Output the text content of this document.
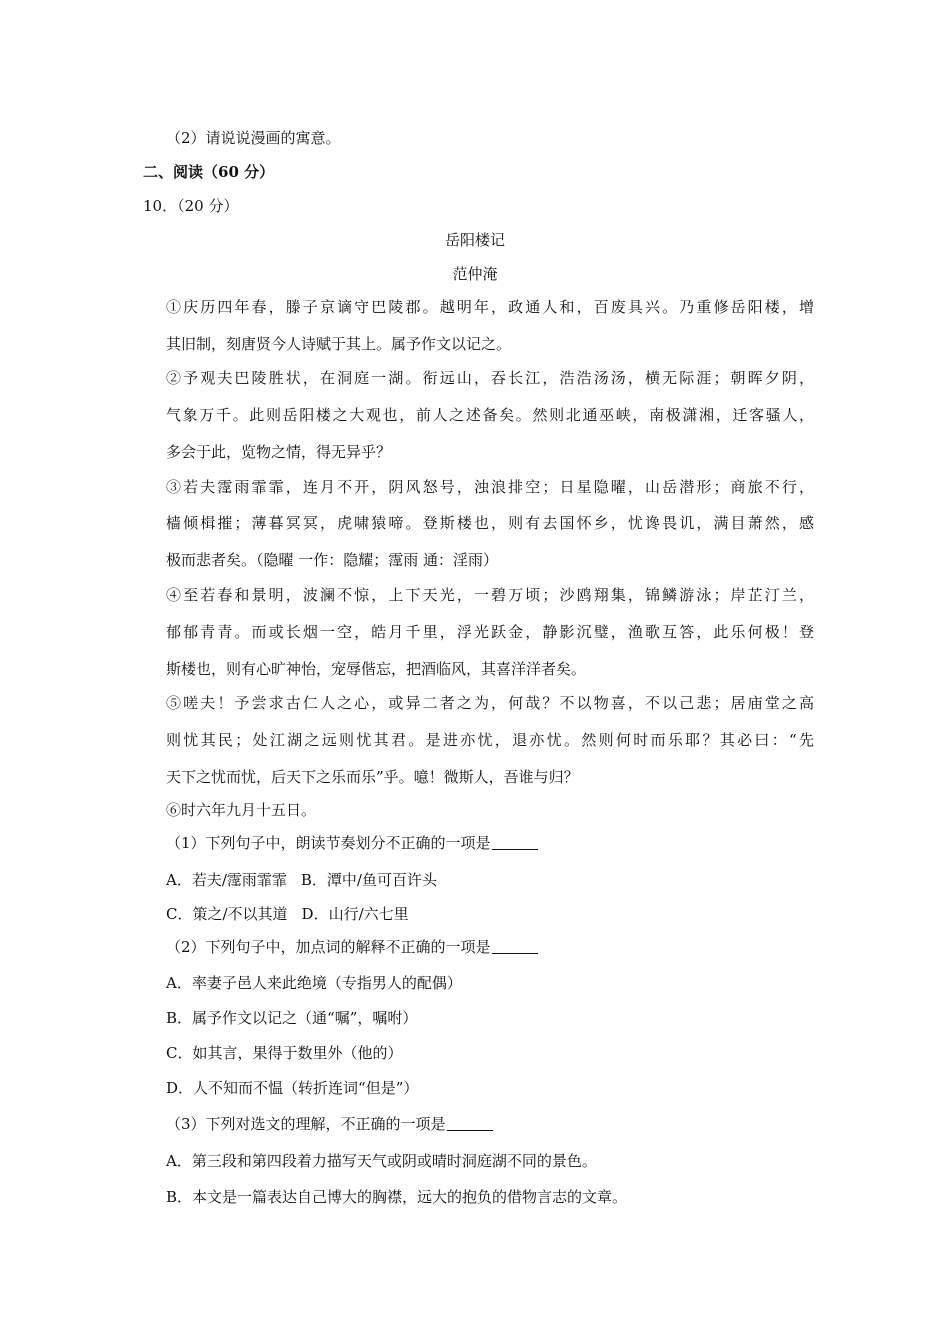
（2）请说说漫画的寓意。
二、阅读（60 分）
10．（20 分）
岳阳楼记
范仲淹
①庆历四年春，滕子京谪守巴陵郡。越明年，政通人和，百废具兴。乃重修岳阳楼，增
其旧制，刻唐贤今人诗赋于其上。属予作文以记之。
②予观夫巴陵胜状，在洞庭一湖。衔远山，吞长江，浩浩汤汤，横无际涯；朝晖夕阴，
气象万千。此则岳阳楼之大观也，前人之述备矣。然则北通巫峡，南极潇湘，迁客骚人，
多会于此，览物之情，得无异乎？
③若夫霪雨霏霏，连月不开，阴风怒号，浊浪排空；日星隐曜，山岳潜形；商旅不行，
樯倾楫摧；薄暮冥冥，虎啸猿啼。登斯楼也，则有去国怀乡，忧谗畏讥，满目萧然，感
极而悲者矣。（隐曜 一作：隐耀；霪雨 通：淫雨）
④至若春和景明，波澜不惊，上下天光，一碧万顷；沙鸥翔集，锦鳞游泳；岸芷汀兰，
郁郁青青。而或长烟一空，皓月千里，浮光跃金，静影沉璧，渔歌互答，此乐何极！登
斯楼也，则有心旷神怡，宠辱偕忘，把酒临风，其喜洋洋者矣。
⑤嗟夫！予尝求古仁人之心，或异二者之为，何哉？不以物喜，不以己悲；居庙堂之高
则忧其民；处江湖之远则忧其君。是进亦忧，退亦忧。然则何时而乐耶？其必曰：“先
天下之忧而忧，后天下之乐而乐”乎。噫！微斯人，吾谁与归？
⑥时六年九月十五日。
（1）下列句子中，朗读节奏划分不正确的一项是
A．若夫/霪雨霏霏 B．潭中/鱼可百许头
C．策之/不以其道 D．山行/六七里
（2）下列句子中，加点词的解释不正确的一项是
A．率妻子邑人来此绝境（专指男人的配偶）
B．属予作文以记之（通“嘱”，嘱咐）
C．如其言，果得于数里外（他的）
D．人不知而不愠（转折连词“但是”）
（3）下列对选文的理解，不正确的一项是
A．第三段和第四段着力描写天气或阴或晴时洞庭湖不同的景色。
B．本文是一篇表达自己博大的胸襟，远大的抱负的借物言志的文章。
